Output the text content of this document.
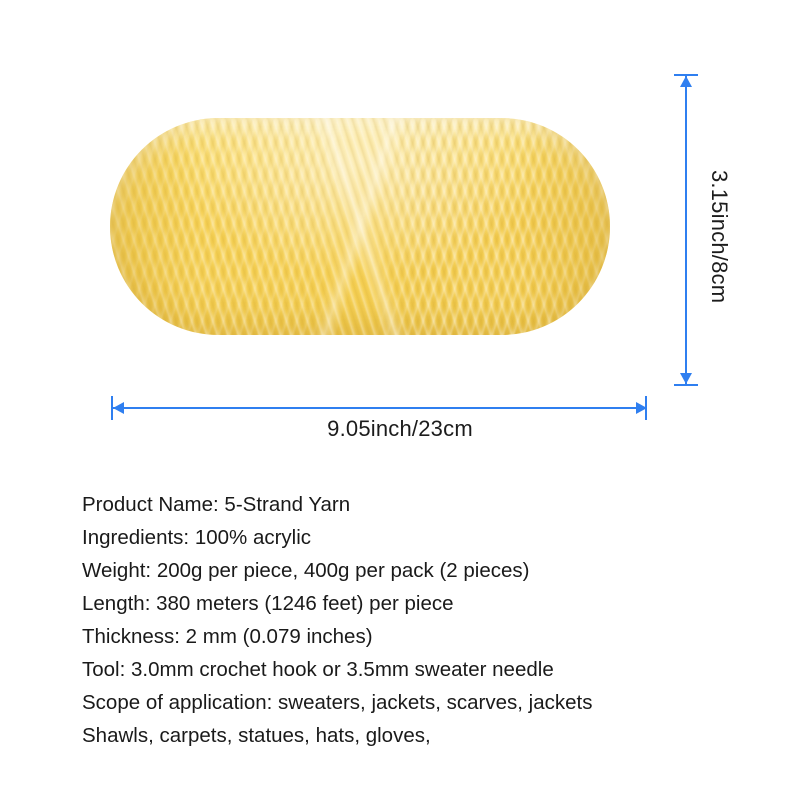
3.15inch/8cm
9.05inch/23cm
Product Name: 5-Strand Yarn
Ingredients: 100% acrylic
Weight: 200g per piece, 400g per pack (2 pieces)
Length: 380 meters (1246 feet) per piece
Thickness: 2 mm (0.079 inches)
Tool: 3.0mm crochet hook or 3.5mm sweater needle
Scope of application: sweaters, jackets, scarves, jackets
Shawls, carpets, statues, hats, gloves,
